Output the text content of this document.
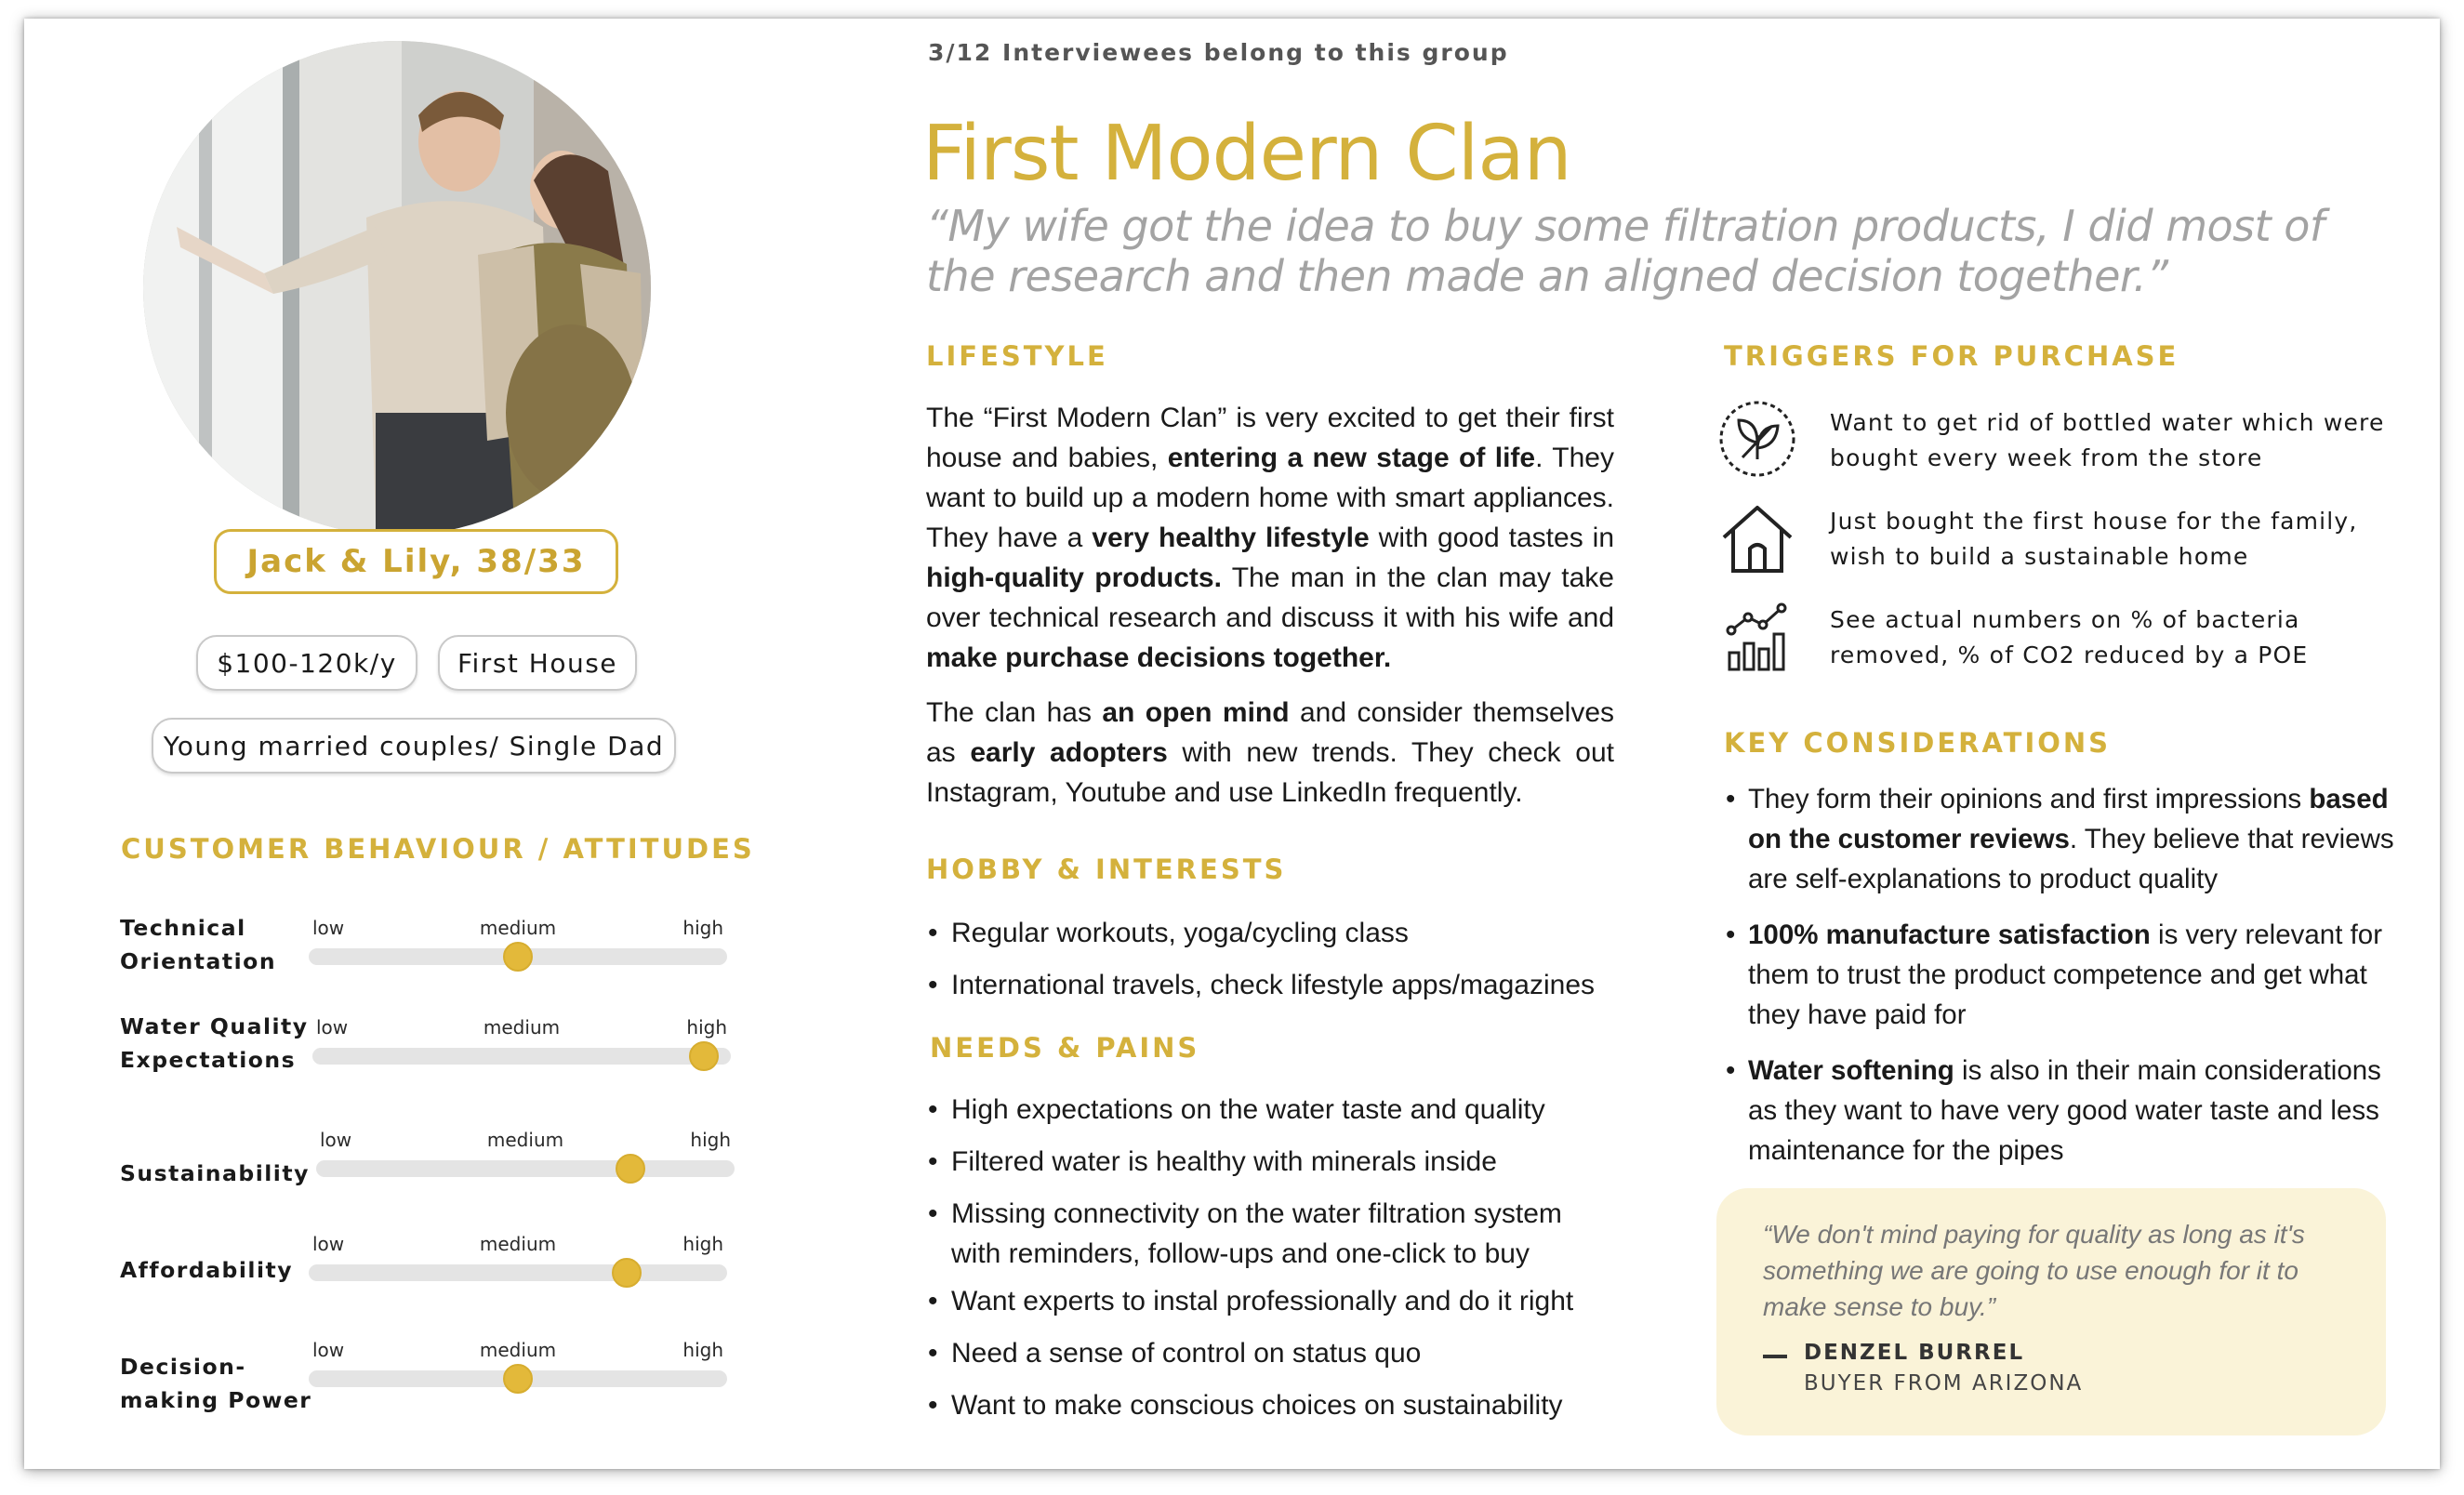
Jack & Lily, 38/33
$100-120k/y	First House
Young married couples/ Single Dad
CUSTOMER BEHAVIOUR / ATTITUDES
Technical
Orientation
low	medium	high
Water Quality
Expectations
low	medium	high
Sustainability
low	medium	high
Affordability
low	medium	high
Decision-
making Power
low	medium	high
3/12 Interviewees belong to this group
First Modern Clan
“My wife got the idea to buy some filtration products, I did most of the research and then made an aligned decision together.”
LIFESTYLE
The “First Modern Clan” is very excited to get their first house and babies, entering a new stage of life. They want to build up a modern home with smart appliances. They have a very healthy lifestyle with good tastes in high-quality products. The man in the clan may take over technical research and discuss it with his wife and make purchase decisions together.
The clan has an open mind and consider themselves as early adopters with new trends. They check out Instagram, Youtube and use LinkedIn frequently.
HOBBY & INTERESTS
• Regular workouts, yoga/cycling class
• International travels, check lifestyle apps/magazines
NEEDS & PAINS
• High expectations on the water taste and quality
• Filtered water is healthy with minerals inside
• Missing connectivity on the water filtration system
with reminders, follow-ups and one-click to buy
• Want experts to instal professionally and do it right
• Need a sense of control on status quo
• Want to make conscious choices on sustainability
TRIGGERS FOR PURCHASE
Want to get rid of bottled water which were
bought every week from the store
Just bought the first house for the family,
wish to build a sustainable home
See actual numbers on % of bacteria
removed, % of CO2 reduced by a POE
KEY CONSIDERATIONS
• They form their opinions and first impressions based on the customer reviews. They believe that reviews are self-explanations to product quality
• 100% manufacture satisfaction is very relevant for them to trust the product competence and get what they have paid for
• Water softening is also in their main considerations as they want to have very good water taste and less maintenance for the pipes
“We don't mind paying for quality as long as it's something we are going to use enough for it to make sense to buy.”
DENZEL BURREL
BUYER FROM ARIZONA
